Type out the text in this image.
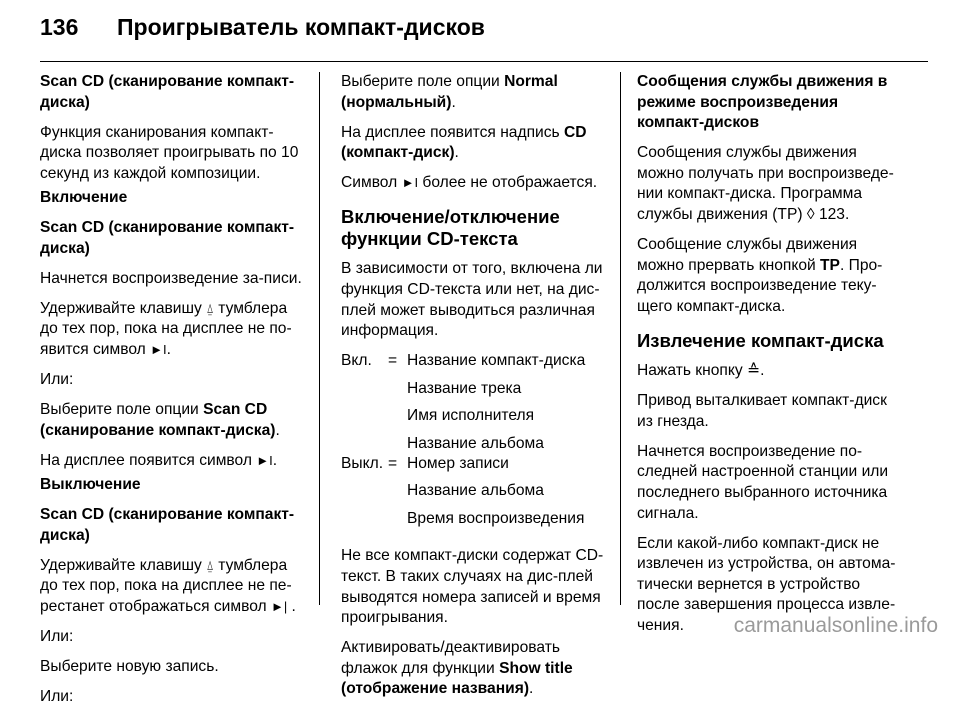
136 Проигрыватель компакт-дисков

Scan CD (сканирование компакт-диска)

Функция сканирования компакт-диска позволяет проигрывать по 10 секунд из каждой композиции.

Включение

Scan CD (сканирование компакт-диска)

Начнется воспроизведение за-писи.

Удерживайте клавишу ⍙ тумблера до тех пор, пока на дисплее не по-явится символ ►I.

Или:

Выберите поле опции Scan CD (сканирование компакт-диска).

На дисплее появится символ ►I.

Выключение

Scan CD (сканирование компакт-диска)

Удерживайте клавишу ⍙ тумблера до тех пор, пока на дисплее не пе-рестанет отображаться символ ►| .

Или:

Выберите новую запись.

Или:

Выберите поле опции Normal (нормальный).

На дисплее появится надпись CD (компакт-диск).

Символ ►I более не отображается.

Включение/отключение функции CD-текста

В зависимости от того, включена ли функция CD-текста или нет, на дис-плей может выводиться различная информация.

Вкл.	= Название компакт-диска
Название трека
Имя исполнителя
Название альбома
Выкл. = Номер записи
Название альбома
Время воспроизведения

Не все компакт-диски содержат CD-текст. В таких случаях на дис-плей выводятся номера записей и время проигрывания.

Активировать/деактивировать флажок для функции Show title (отображение названия).

Сообщения службы движения в режиме воспроизведения компакт-дисков

Сообщения службы движения можно получать при воспроизведе-нии компакт-диска. Программа службы движения (TP) ◊ 123.

Сообщение службы движения можно прервать кнопкой TP. Про-должится воспроизведение теку-щего компакт-диска.

Извлечение компакт-диска

Нажать кнопку ≙.

Привод выталкивает компакт-диск из гнезда.

Начнется воспроизведение по-следней настроенной станции или последнего выбранного источника сигнала.

Если какой-либо компакт-диск не извлечен из устройства, он автома-тически вернется в устройство после завершения процесса извле-чения.	carmanualsonline.info
